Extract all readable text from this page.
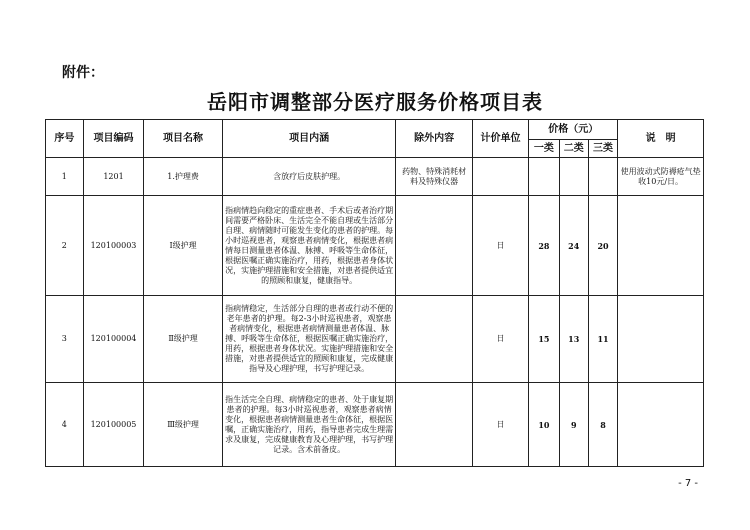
附件：
岳阳市调整部分医疗服务价格项目表
序号	项目编码	项目名称	项目内涵	除外内容	计价单位	价格（元）			说　明
						一类	二类	三类	
1	1201	1.护理费	含放疗后皮肤护理。	药物、特殊消耗材料及特殊仪器					使用波动式防褥疮气垫收10元/日。
2	120100003	Ⅰ级护理	指病情趋向稳定的重症患者、手术后或者治疗期间需要严格卧床、生活完全不能自理或生活部分自理、病情随时可能发生变化的患者的护理。每小时巡视患者，观察患者病情变化，根据患者病情每日测量患者体温、脉搏、呼吸等生命体征，根据医嘱正确实施治疗，用药，根据患者身体状况，实施护理措施和安全措施，对患者提供适宜的照顾和康复，健康指导。		日	28	24	20	
3	120100004	Ⅱ级护理	指病情稳定，生活部分自理的患者或行动不便的老年患者的护理。每2-3小时巡视患者，观察患者病情变化，根据患者病情测量患者体温、脉搏、呼吸等生命体征，根据医嘱正确实施治疗，用药，根据患者身体状况。实施护理措施和安全措施，对患者提供适宜的照顾和康复，完成健康指导及心理护理，书写护理记录。		日	15	13	11	
4	120100005	Ⅲ级护理	指生活完全自理、病情稳定的患者、处于康复期患者的护理。每3小时巡视患者，观察患者病情变化，根据患者病情测量患者生命体征，根据医嘱，正确实施治疗，用药，指导患者完成生理需求及康复，完成健康教育及心理护理，书写护理记录。含术前备皮。		日	10	9	8	
- 7 -
